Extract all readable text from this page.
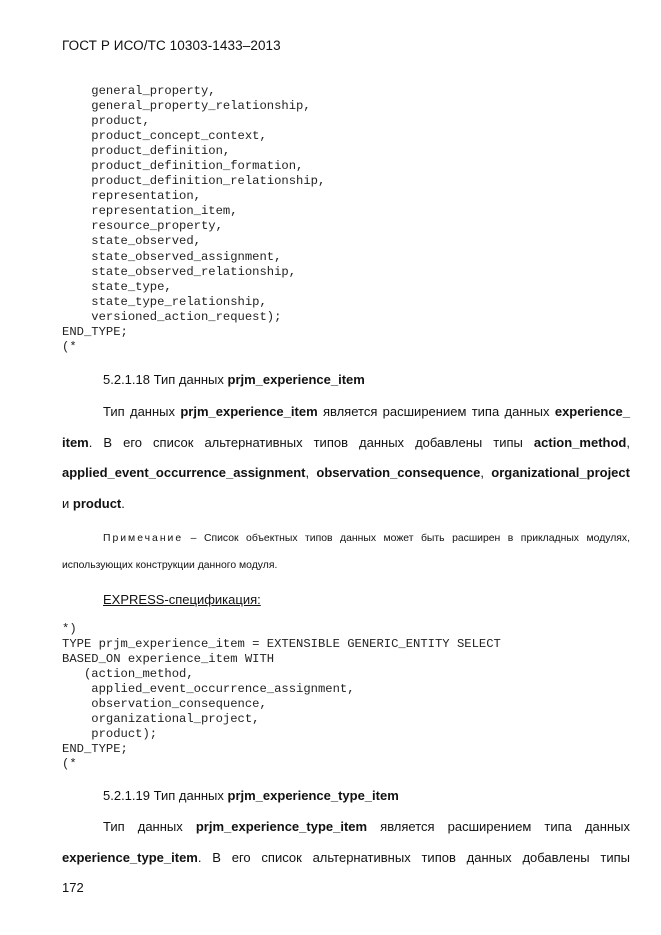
ГОСТ Р ИСО/ТС 10303-1433–2013
general_property,
general_property_relationship,
product,
product_concept_context,
product_definition,
product_definition_formation,
product_definition_relationship,
representation,
representation_item,
resource_property,
state_observed,
state_observed_assignment,
state_observed_relationship,
state_type,
state_type_relationship,
versioned_action_request);
END_TYPE;
(*
5.2.1.18 Тип данных prjm_experience_item
Тип данных prjm_experience_item является расширением типа данных experience_
item. В его список альтернативных типов данных добавлены типы action_method,
applied_event_occurrence_assignment, observation_consequence, organizational_project
и product.
Примечание – Список объектных типов данных может быть расширен в прикладных модулях,
использующих конструкции данного модуля.
EXPRESS-спецификация:
*)
TYPE prjm_experience_item = EXTENSIBLE GENERIC_ENTITY SELECT
BASED_ON experience_item WITH
(action_method,
applied_event_occurrence_assignment,
observation_consequence,
organizational_project,
product);
END_TYPE;
(*
5.2.1.19 Тип данных prjm_experience_type_item
Тип данных prjm_experience_type_item является расширением типа данных
experience_type_item. В его список альтернативных типов данных добавлены типы
172
